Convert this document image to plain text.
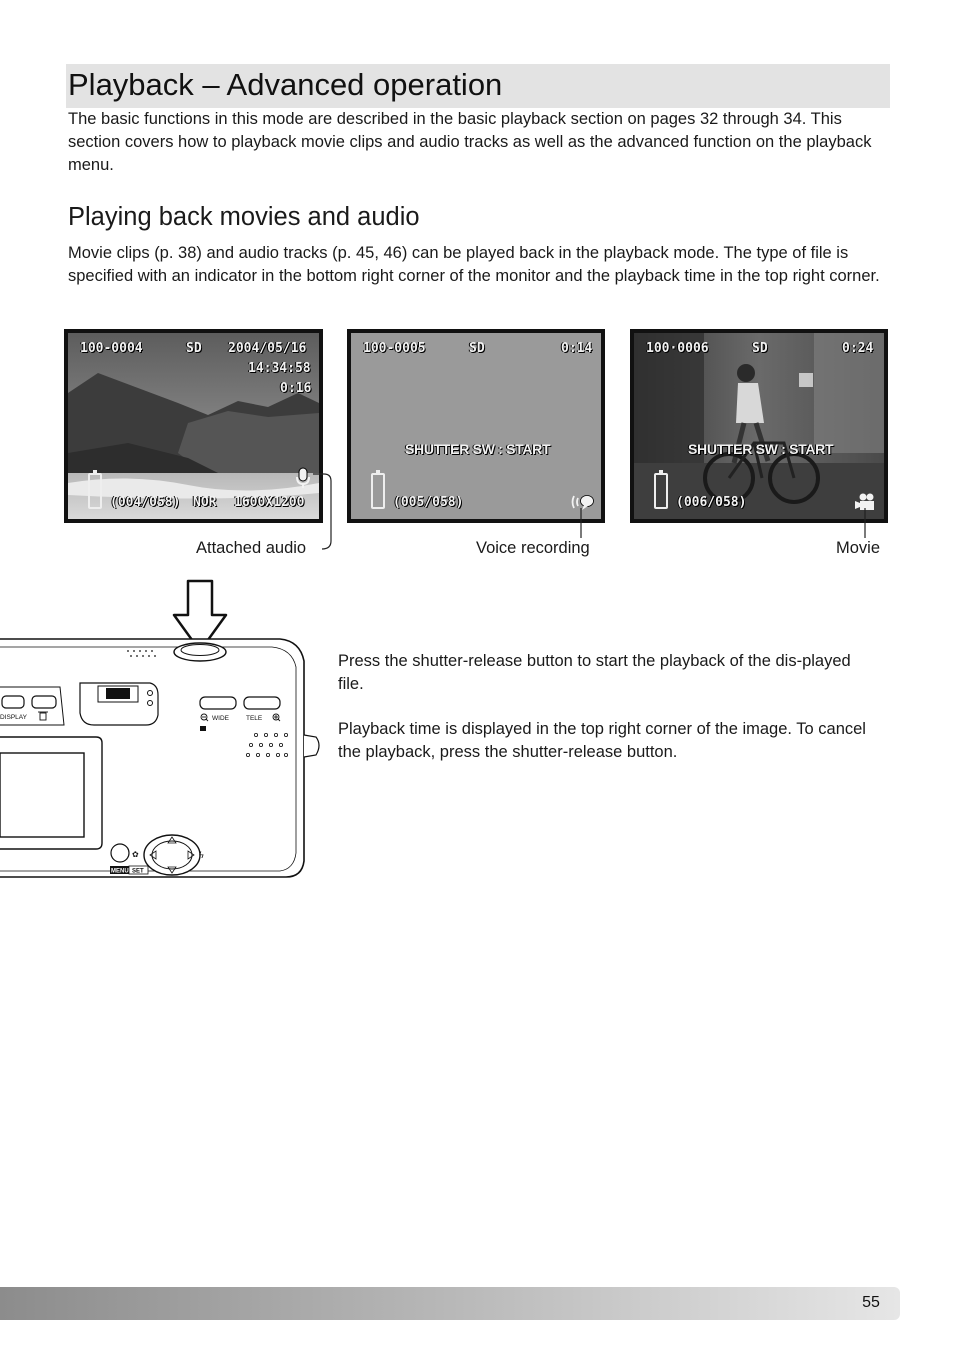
Playback – Advanced operation

The basic functions in this mode are described in the basic playback section on pages 32 through 34. This section covers how to playback movie clips and audio tracks as well as the advanced function on the playback menu.

Playing back movies and audio

Movie clips (p. 38) and audio tracks (p. 45, 46) can be played back in the playback mode. The type of file is specified with an indicator in the bottom right corner of the monitor and the playback time in the top right corner.

100-0004	SD 2004/05/16
14:34:58
0:16
(004/058) NOR 1600X1200
100-0005	SD	0:14
SHUTTER SW : START
(005/058)
100·0006	SD	0:24
SHUTTER SW : START
(006/058)
Attached audio	Voice recording	Movie
DISPLAY	WIDE	TELE
✿	ϟ
MENU SET

Press the shutter-release button to start the playback of the dis-played file.

Playback time is displayed in the top right corner of the image. To cancel the playback, press the shutter-release button.

55
